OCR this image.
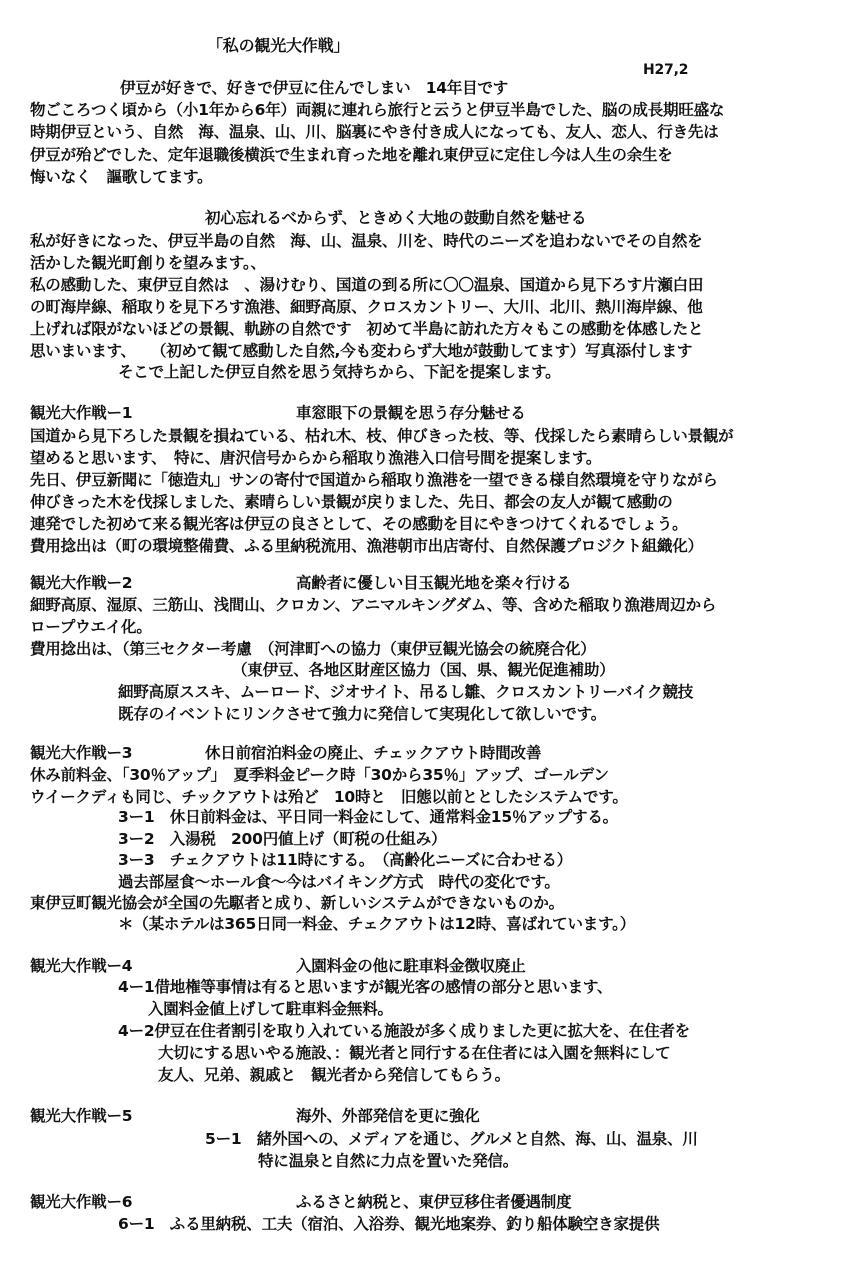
「私の観光大作戦」
H27,2
伊豆が好きで、好きで伊豆に住んでしまい　14年目です
物ごころつく頃から（小1年から6年）両親に連れら旅行と云うと伊豆半島でした、脳の成長期旺盛な
時期伊豆という、自然　海、温泉、山、川、脳裏にやき付き成人になっても、友人、恋人、行き先は
伊豆が殆どでした、定年退職後横浜で生まれ育った地を離れ東伊豆に定住し今は人生の余生を
悔いなく　謳歌してます。
初心忘れるべからず、ときめく大地の鼓動自然を魅せる
私が好きになった、伊豆半島の自然　海、山、温泉、川を、時代のニーズを追わないでその自然を
活かした観光町創りを望みます。、
私の感動した、東伊豆自然は　、湯けむり、国道の到る所に〇〇温泉、国道から見下ろす片瀬白田
の町海岸線、稲取りを見下ろす漁港、細野高原、クロスカントリー、大川、北川、熱川海岸線、他
上げれば限がないほどの景観、軌跡の自然です　初めて半島に訪れた方々もこの感動を体感したと
思いまいます、　　（初めて観て感動した自然,今も変わらず大地が鼓動してます）写真添付します
そこで上記した伊豆自然を思う気持ちから、下記を提案します。
観光大作戦ー1	車窓眼下の景観を思う存分魅せる
国道から見下ろした景観を損ねている、枯れ木、枝、伸びきった枝、等、伐採したら素晴らしい景観が
望めると思います、　特に、唐沢信号からから稲取り漁港入口信号間を提案します。
先日、伊豆新聞に「徳造丸」サンの寄付で国道から稲取り漁港を一望できる様自然環境を守りながら
伸びきった木を伐採しました、素晴らしい景観が戻りました、先日、都会の友人が観て感動の
連発でした初めて来る観光客は伊豆の良さとして、その感動を目にやきつけてくれるでしょう。
費用捻出は（町の環境整備費、ふる里納税流用、漁港朝市出店寄付、自然保護プロジクト組織化）
観光大作戦ー2	高齢者に優しい目玉観光地を楽々行ける
細野高原、湿原、三筋山、浅間山、クロカン、アニマルキングダム、等、含めた稲取り漁港周辺から
ロープウエイ化。
費用捻出は、（第三セクター考慮　（河津町への協力（東伊豆観光協会の統廃合化）
（東伊豆、各地区財産区協力（国、県、観光促進補助）
細野高原ススキ、ムーロード、ジオサイト、吊るし雛、クロスカントリーバイク競技
既存のイベントにリンクさせて強力に発信して実現化して欲しいです。
観光大作戦ー3	休日前宿泊料金の廃止、チェックアウト時間改善
休み前料金、「30％アップ」　夏季料金ピーク時「30から35％」アップ、ゴールデン
ウイークディも同じ、チックアウトは殆ど　10時と　旧態以前ととしたシステムです。
3ー1　休日前料金は、平日同一料金にして、通常料金15％アップする。
3ー2　入湯税　200円値上げ（町税の仕組み）
3ー3　チェクアウトは11時にする。　（高齢化ニーズに合わせる）
過去部屋食～ホール食～今はバイキング方式　時代の変化です。
東伊豆町観光協会が全国の先駆者と成り、新しいシステムができないものか。
＊（某ホテルは365日同一料金、チェクアウトは12時、喜ばれています。）
観光大作戦ー4	入園料金の他に駐車料金徴収廃止
4ー1借地権等事情は有ると思いますが観光客の感情の部分と思います、
入園料金値上げして駐車料金無料。
4ー2伊豆在住者割引を取り入れている施設が多く成りました更に拡大を、在住者を
大切にする思いやる施設、：観光者と同行する在住者には入園を無料にして
友人、兄弟、親戚と　観光者から発信してもらう。
観光大作戦ー5	海外、外部発信を更に強化
5ー1　緒外国への、メディアを通じ、グルメと自然、海、山、温泉、川
特に温泉と自然に力点を置いた発信。
観光大作戦ー6	ふるさと納税と、東伊豆移住者優遇制度
6ー1　ふる里納税、工夫（宿泊、入浴券、観光地案券、釣り船体験空き家提供
